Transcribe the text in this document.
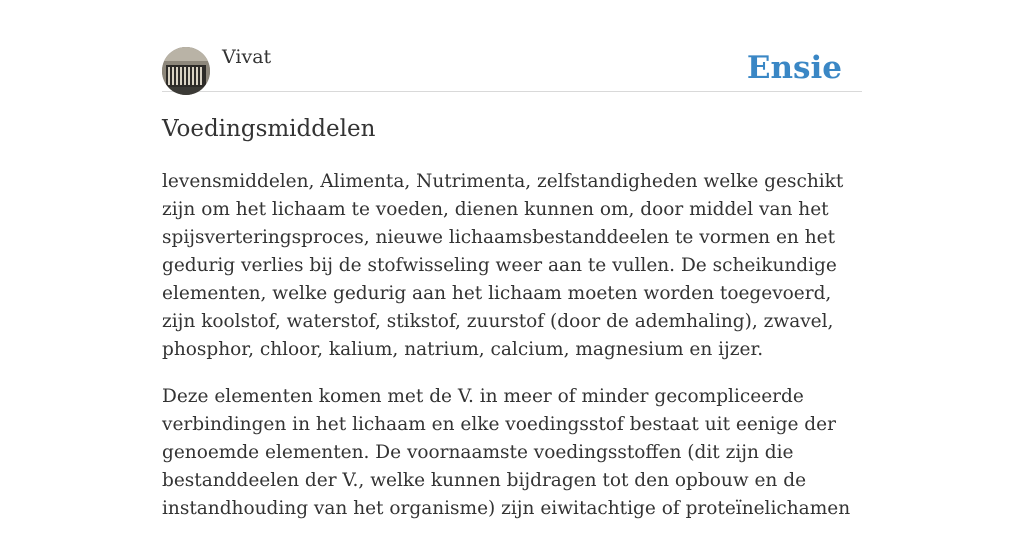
Vivat	Ensie
Voedingsmiddelen

levensmiddelen, Alimenta, Nutrimenta, zelfstandigheden welke geschikt zijn om het lichaam te voeden, dienen kunnen om, door middel van het spijsverteringsproces, nieuwe lichaamsbestanddeelen te vormen en het gedurig verlies bij de stofwisseling weer aan te vullen. De scheikundige elementen, welke gedurig aan het lichaam moeten worden toegevoerd, zijn koolstof, waterstof, stikstof, zuurstof (door de ademhaling), zwavel, phosphor, chloor, kalium, natrium, calcium, magnesium en ijzer.

Deze elementen komen met de V. in meer of minder gecompliceerde verbindingen in het lichaam en elke voedingsstof bestaat uit eenige der genoemde elementen. De voornaamste voedingsstoffen (dit zijn die bestanddeelen der V., welke kunnen bijdragen tot den opbouw en de instandhouding van het organisme) zijn eiwitachtige of proteïnelichamen
